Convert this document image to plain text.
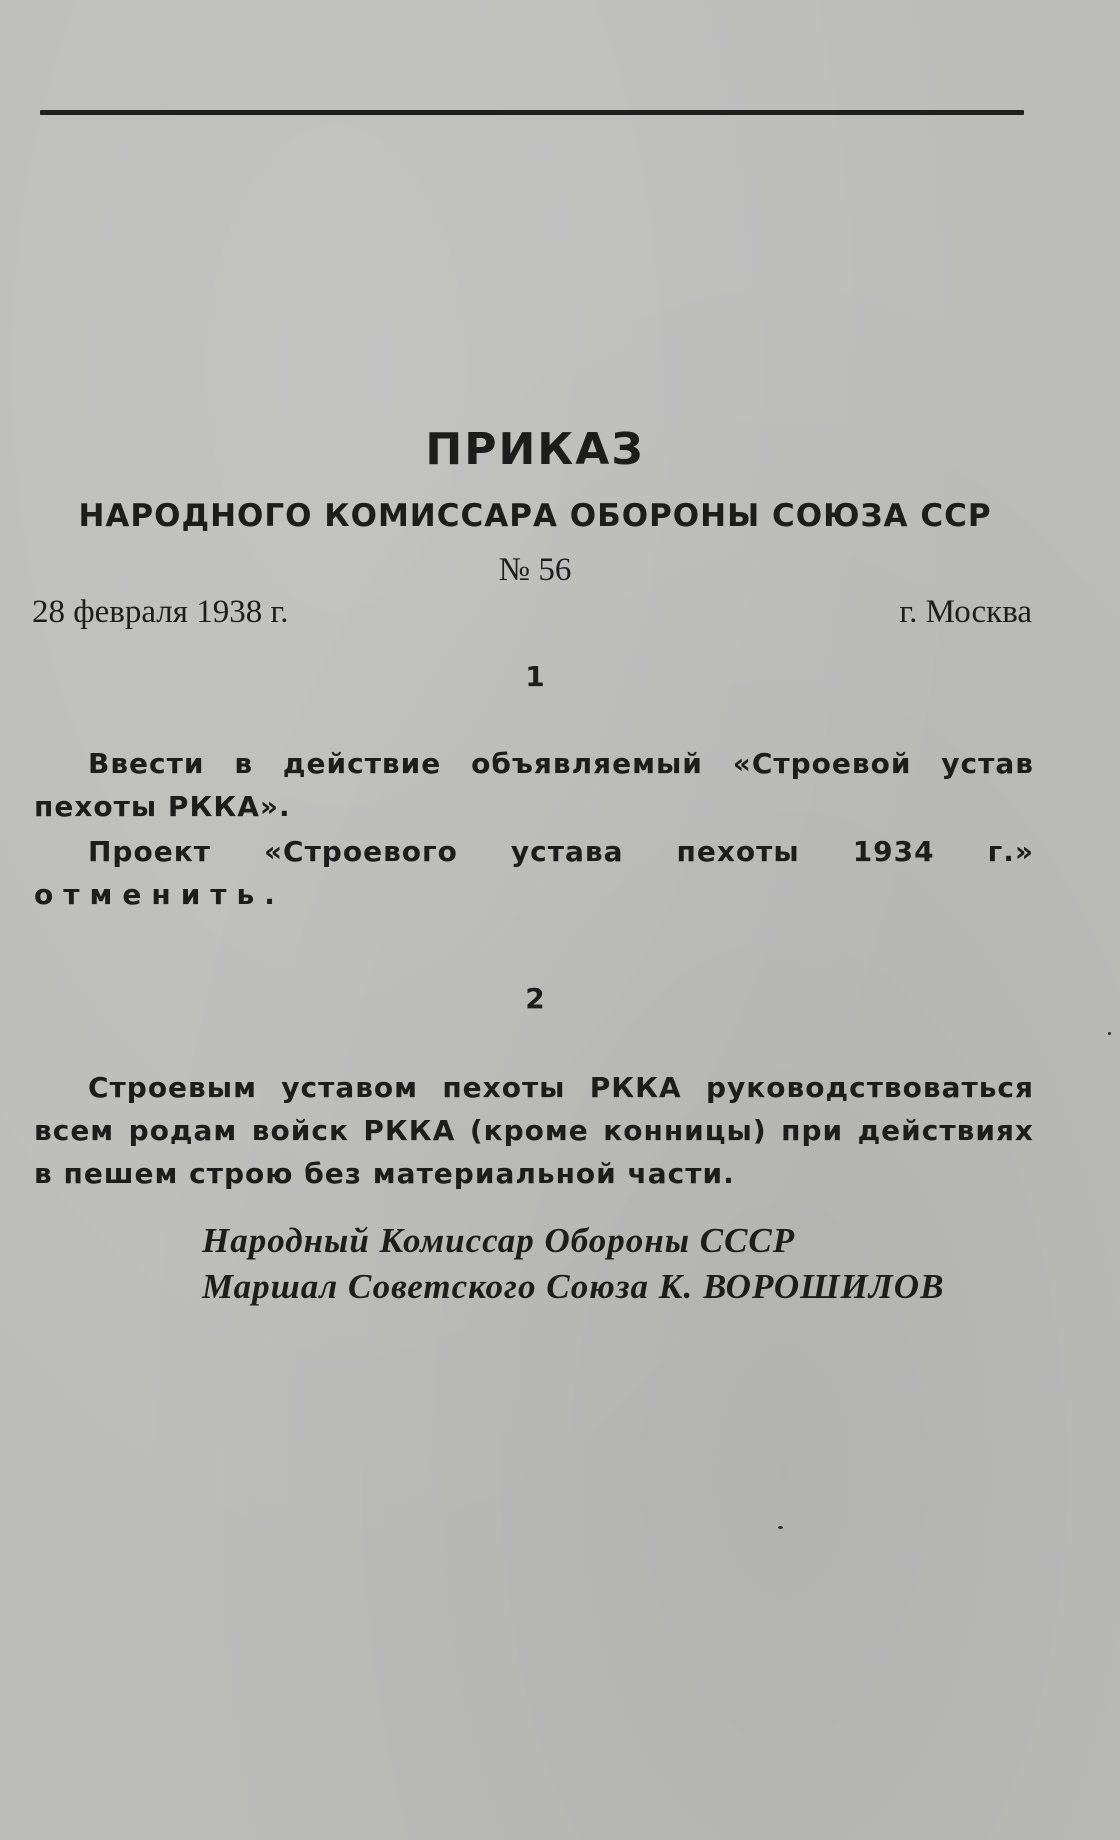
ПРИКАЗ
НАРОДНОГО КОМИССАРА ОБОРОНЫ СОЮЗА ССР
№ 56
28 февраля 1938 г.	г. Москва
1

Ввести в действие объявляемый «Строевой устав пехоты РККА».

Проект «Строевого устава пехоты 1934 г.» отменить.

2

Строевым уставом пехоты РККА руководствоваться всем родам войск РККА (кроме конницы) при действиях в пешем строю без материальной части.

Народный Комиссар Обороны СССР
Маршал Советского Союза К. ВОРОШИЛОВ
